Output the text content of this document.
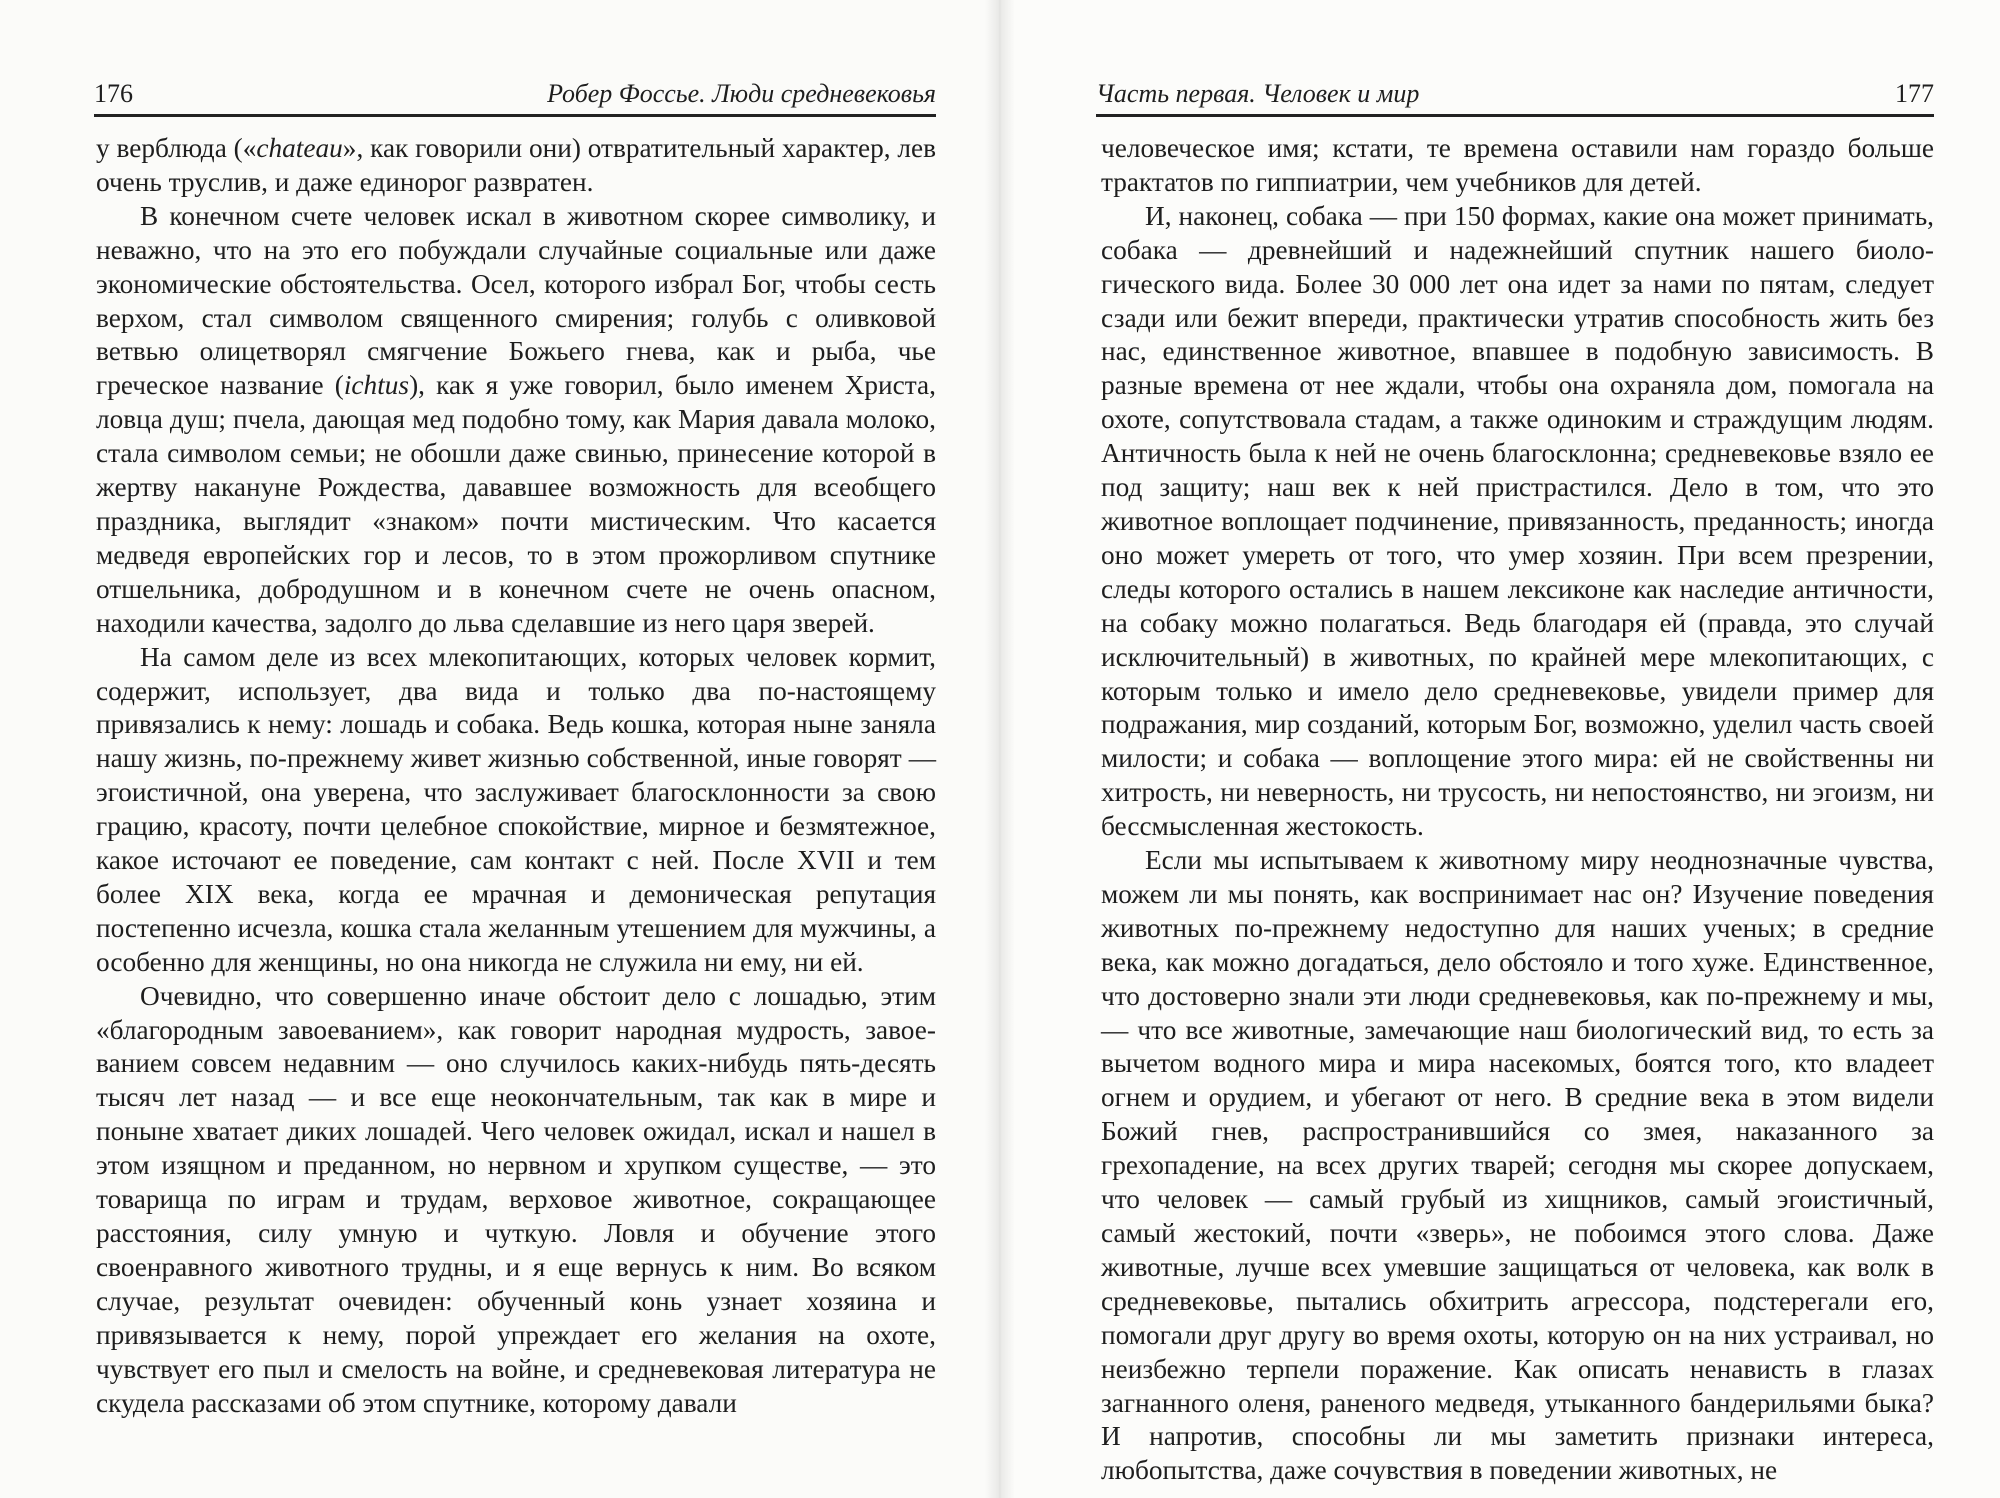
176	Робер Фоссье. Люди средневековья

у верблюда («chateau», как говорили они) отвратительный характер, лев очень труслив, и даже единорог развратен.

В конечном счете человек искал в животном скорее символику, и неважно, что на это его побуждали случайные социальные или даже экономические обстоятельства. Осел, которого избрал Бог, чтобы сесть верхом, стал символом священного смирения; голубь с оливковой ветвью олицетворял смягчение Божьего гнева, как и рыба, чье греческое название (ichtus), как я уже говорил, было именем Христа, ловца душ; пчела, дающая мед подобно тому, как Мария давала молоко, стала символом семьи; не обошли даже свинью, принесение которой в жертву накануне Рождества, дававшее возможность для всеобщего праздника, выглядит «знаком» почти мистическим. Что касается медведя европейских гор и лесов, то в этом прожорливом спутнике отшельника, добродушном и в конечном счете не очень опасном, находили качества, задолго до льва сделавшие из него царя зверей.

На самом деле из всех млекопитающих, которых человек кормит, содержит, использует, два вида и только два по-настоящему привязались к нему: лошадь и собака. Ведь кошка, которая ныне заняла нашу жизнь, по-прежнему живет жизнью собственной, иные говорят — эгоистичной, она уверена, что заслуживает благосклонности за свою грацию, красоту, почти целебное спокойствие, мирное и безмятежное, какое источают ее поведение, сам контакт с ней. После XVII и тем более XIX века, когда ее мрачная и демоническая репутация постепенно исчезла, кошка стала желанным утешением для мужчины, а особенно для женщины, но она никогда не служила ни ему, ни ей.

Очевидно, что совершенно иначе обстоит дело с лошадью, этим «благородным завоеванием», как говорит народная мудрость, завоеванием совсем недавним — оно случилось каких-нибудь пять-десять тысяч лет назад — и все еще неокончательным, так как в мире и поныне хватает диких лошадей. Чего человек ожидал, искал и нашел в этом изящном и преданном, но нервном и хрупком существе, — это товарища по играм и трудам, верховое животное, сокращающее расстояния, силу умную и чуткую. Ловля и обучение этого своенравного животного трудны, и я еще вернусь к ним. Во всяком случае, результат очевиден: обученный конь узнает хозяина и привязывается к нему, порой упреждает его желания на охоте, чувствует его пыл и смелость на войне, и средневековая литература не скудела рассказами об этом спутнике, которому давали

Часть первая. Человек и мир	177

человеческое имя; кстати, те времена оставили нам гораздо больше трактатов по гиппиатрии, чем учебников для детей.

И, наконец, собака — при 150 формах, какие она может принимать, собака — древнейший и надежнейший спутник нашего биологического вида. Более 30 000 лет она идет за нами по пятам, следует сзади или бежит впереди, практически утратив способность жить без нас, единственное животное, впавшее в подобную зависимость. В разные времена от нее ждали, чтобы она охраняла дом, помогала на охоте, сопутствовала стадам, а также одиноким и страждущим людям. Античность была к ней не очень благосклонна; средневековье взяло ее под защиту; наш век к ней пристрастился. Дело в том, что это животное воплощает подчинение, привязанность, преданность; иногда оно может умереть от того, что умер хозяин. При всем презрении, следы которого остались в нашем лексиконе как наследие античности, на собаку можно полагаться. Ведь благодаря ей (правда, это случай исключительный) в животных, по крайней мере млекопитающих, с которым только и имело дело средневековье, увидели пример для подражания, мир созданий, которым Бог, возможно, уделил часть своей милости; и собака — воплощение этого мира: ей не свойственны ни хитрость, ни неверность, ни трусость, ни непостоянство, ни эгоизм, ни бессмысленная жестокость.

Если мы испытываем к животному миру неоднозначные чувства, можем ли мы понять, как воспринимает нас он? Изучение поведения животных по-прежнему недоступно для наших ученых; в средние века, как можно догадаться, дело обстояло и того хуже. Единственное, что достоверно знали эти люди средневековья, как по-прежнему и мы, — что все животные, замечающие наш биологический вид, то есть за вычетом водного мира и мира насекомых, боятся того, кто владеет огнем и орудием, и убегают от него. В средние века в этом видели Божий гнев, распространившийся со змея, наказанного за грехопадение, на всех других тварей; сегодня мы скорее допускаем, что человек — самый грубый из хищников, самый эгоистичный, самый жестокий, почти «зверь», не побоимся этого слова. Даже животные, лучше всех умевшие защищаться от человека, как волк в средневековье, пытались обхитрить агрессора, подстерегали его, помогали друг другу во время охоты, которую он на них устраивал, но неизбежно терпели поражение. Как описать ненависть в глазах загнанного оленя, раненого медведя, утыканного бандерильями быка? И напротив, способны ли мы заметить признаки интереса, любопытства, даже сочувствия в поведении животных, не
